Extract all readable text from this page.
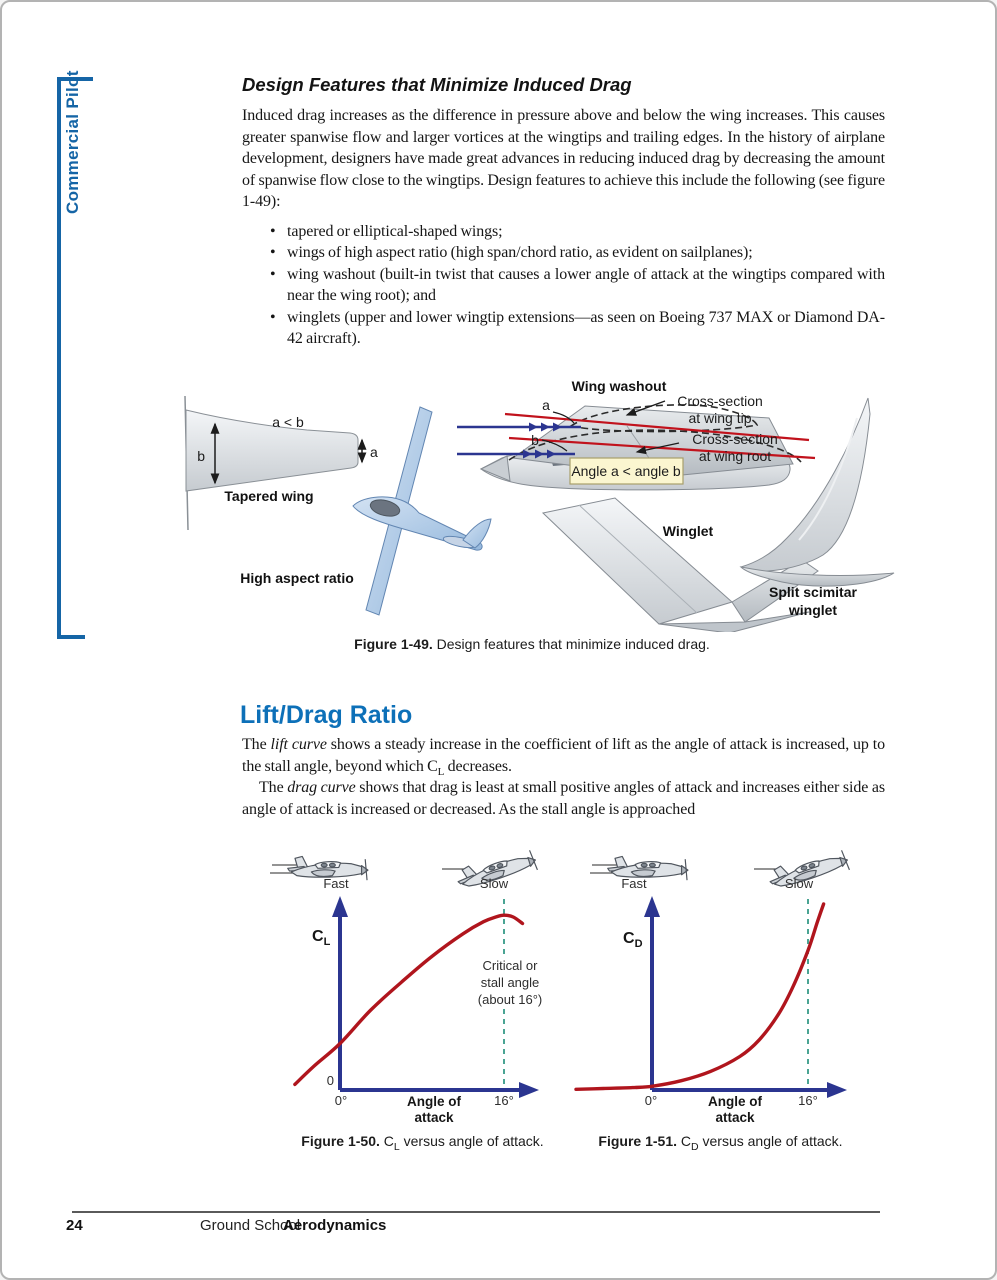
Commercial Pilot	Design Features that Minimize Induced Drag

Induced drag increases as the difference in pressure above and below the wing increases. This causes greater spanwise flow and larger vortices at the wingtips and trailing edges. In the history of airplane development, designers have made great advances in reducing induced drag by decreasing the amount of spanwise flow close to the wingtips. Design features to achieve this include the following (see figure 1-49):

• tapered or elliptical-shaped wings;
• wings of high aspect ratio (high span/chord ratio, as evident on sailplanes);
• wing washout (built-in twist that causes a lower angle of attack at the wingtips compared with near the wing root); and
• winglets (upper and lower wingtip extensions—as seen on Boeing 737 MAX or Diamond DA-42 aircraft).
b	a
a < b
Tapered wing
High aspect ratio
Wing washout
a
b
Cross-section
at wing tip
Cross-section
at wing root
Angle a < angle b
Winglet
Split scimitar
winglet
Figure 1-49. Design features that minimize induced drag.
Lift/Drag Ratio

The lift curve shows a steady increase in the coefficient of lift as the angle of attack is increased, up to the stall angle, beyond which $C_L$ decreases.

The drag curve shows that drag is least at small positive angles of attack and increases either side as angle of attack is increased or decreased. As the stall angle is approached

Fast	Slow
$C_L$
0
0°	16°
Angle of
attack
Critical or
stall angle
(about 16°)
Fast	Slow
$C_D$
0°	16°
Angle of
attack
Figure 1-50. $C_L$ versus angle of attack.	Figure 1-51. $C_D$ versus angle of attack.
24	Ground School
Aerodynamics
